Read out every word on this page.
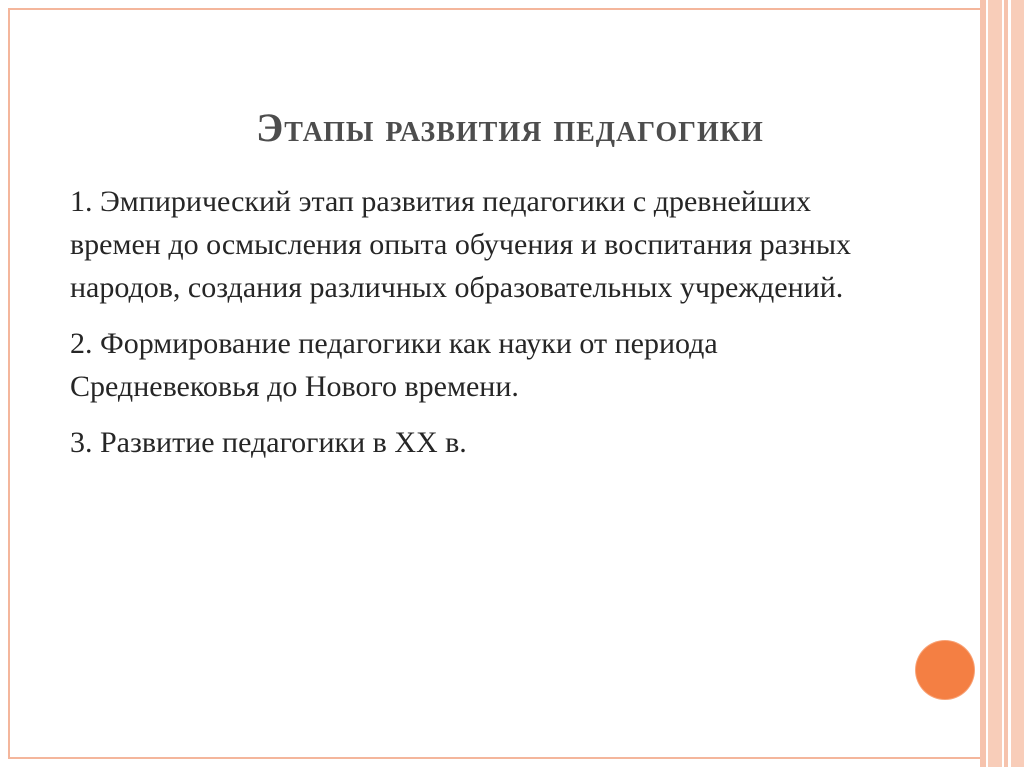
Этапы развития педагогики

1. Эмпирический этап развития педагогики с древнейших времен до осмысления опыта обучения и воспитания разных народов, создания различных образовательных учреждений.

2. Формирование педагогики как науки от периода Средневековья до Нового времени.

3. Развитие педагогики в XX в.
